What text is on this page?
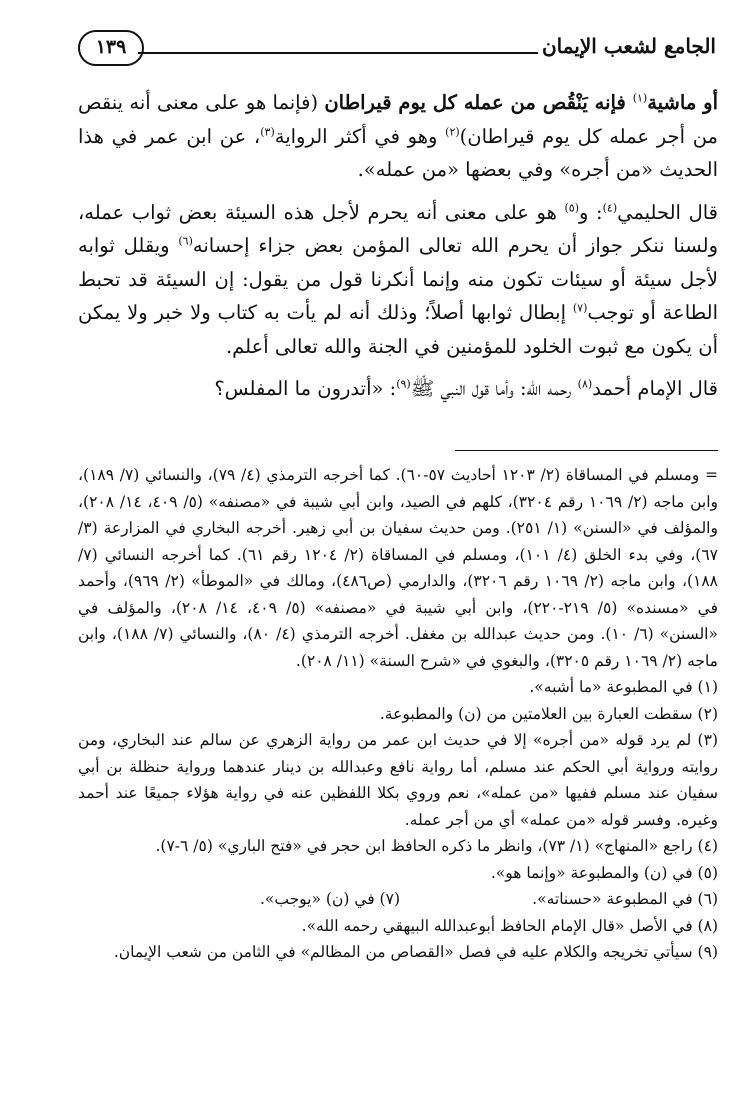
الجامع لشعب الإيمان
١٣٩

أو ماشية$^{(١)}$ فإنه يَنْقُص من عمله كل يوم قيراطان (فإنما هو على معنى أنه ينقص من أجر عمله كل يوم قيراطان)$^{(٢)}$ وهو في أكثر الرواية$^{(٣)}$، عن ابن عمر في هذا الحديث «من أجره» وفي بعضها «من عمله».

قال الحليمي$^{(٤)}$: و$^{(٥)}$ هو على معنى أنه يحرم لأجل هذه السيئة بعض ثواب عمله، ولسنا ننكر جواز أن يحرم الله تعالى المؤمن بعض جزاء إحسانه$^{(٦)}$ ويقلل ثوابه لأجل سيئة أو سيئات تكون منه وإنما أنكرنا قول من يقول: إن السيئة قد تحبط الطاعة أو توجب$^{(٧)}$ إبطال ثوابها أصلاً؛ وذلك أنه لم يأت به كتاب ولا خبر ولا يمكن أن يكون مع ثبوت الخلود للمؤمنين في الجنة والله تعالى أعلم.

قال الإمام أحمد$^{(٨)}$ رحمه الله: وأما قول النبي ﷺ$^{(٩)}$: «أتدرون ما المفلس؟

= ومسلم في المساقاة (٢/ ١٢٠٣ أحاديث ٥٧-٦٠). كما أخرجه الترمذي (٤/ ٧٩)، والنسائي (٧/ ١٨٩)، وابن ماجه (٢/ ١٠٦٩ رقم ٣٢٠٤)، كلهم في الصيد، وابن أبي شيبة في «مصنفه» (٥/ ٤٠٩، ١٤/ ٢٠٨)، والمؤلف في «السنن» (١/ ٢٥١). ومن حديث سفيان بن أبي زهير. أخرجه البخاري في المزارعة (٣/ ٦٧)، وفي بدء الخلق (٤/ ١٠١)، ومسلم في المساقاة (٢/ ١٢٠٤ رقم ٦١). كما أخرجه النسائي (٧/ ١٨٨)، وابن ماجه (٢/ ١٠٦٩ رقم ٣٢٠٦)، والدارمي (ص٤٨٦)، ومالك في «الموطأ» (٢/ ٩٦٩)، وأحمد في «مسنده» (٥/ ٢١٩-٢٢٠)، وابن أبي شيبة في «مصنفه» (٥/ ٤٠٩، ١٤/ ٢٠٨)، والمؤلف في «السنن» (٦/ ١٠). ومن حديث عبدالله بن مغفل. أخرجه الترمذي (٤/ ٨٠)، والنسائي (٧/ ١٨٨)، وابن ماجه (٢/ ١٠٦٩ رقم ٣٢٠٥)، والبغوي في «شرح السنة» (١١/ ٢٠٨).

(١) في المطبوعة «ما أشبه».

(٢) سقطت العبارة بين العلامتين من (ن) والمطبوعة.

(٣) لم يرد قوله «من أجره» إلا في حديث ابن عمر من رواية الزهري عن سالم عند البخاري، ومن روايته ورواية أبي الحكم عند مسلم، أما رواية نافع وعبدالله بن دينار عندهما ورواية حنظلة بن أبي سفيان عند مسلم ففيها «من عمله»، نعم وروي بكلا اللفظين عنه في رواية هؤلاء جميعًا عند أحمد وغيره. وفسر قوله «من عمله» أي من أجر عمله.

(٤) راجع «المنهاج» (١/ ٧٣)، وانظر ما ذكره الحافظ ابن حجر في «فتح الباري» (٥/ ٦-٧).

(٥) في (ن) والمطبوعة «وإنما هو».

(٦) في المطبوعة «حسناته».
(٧) في (ن) «يوجب».

(٨) في الأصل «قال الإمام الحافظ أبوعبدالله البيهقي رحمه الله».

(٩) سيأتي تخريجه والكلام عليه في فصل «القصاص من المظالم» في الثامن من شعب الإيمان.
